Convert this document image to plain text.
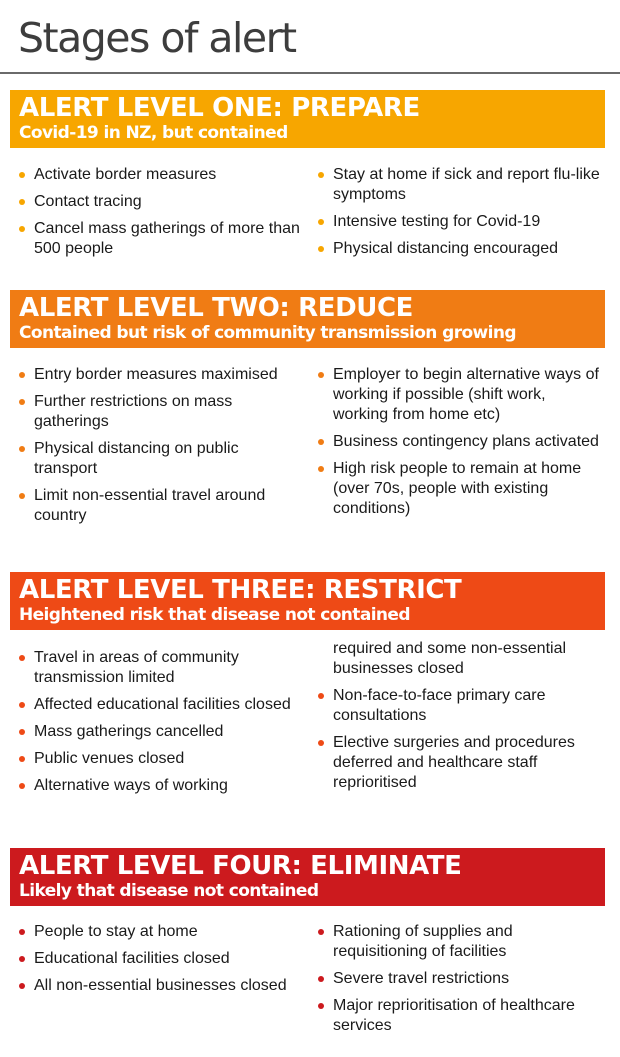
Stages of alert
ALERT LEVEL ONE: PREPARE
Covid-19 in NZ, but contained
Activate border measures
Contact tracing
Cancel mass gatherings of more than 500 people
Stay at home if sick and report flu-like symptoms
Intensive testing for Covid-19
Physical distancing encouraged
ALERT LEVEL TWO: REDUCE
Contained but risk of community transmission growing
Entry border measures maximised
Further restrictions on mass gatherings
Physical distancing on public transport
Limit non-essential travel around country
Employer to begin alternative ways of working if possible (shift work, working from home etc)
Business contingency plans activated
High risk people to remain at home (over 70s, people with existing conditions)
ALERT LEVEL THREE: RESTRICT
Heightened risk that disease not contained
Travel in areas of community transmission limited
Affected educational facilities closed
Mass gatherings cancelled
Public venues closed
Alternative ways of working
required and some non-essential businesses closed
Non-face-to-face primary care consultations
Elective surgeries and procedures deferred and healthcare staff reprioritised
ALERT LEVEL FOUR: ELIMINATE
Likely that disease not contained
People to stay at home
Educational facilities closed
All non-essential businesses closed
Rationing of supplies and requisitioning of facilities
Severe travel restrictions
Major reprioritisation of healthcare services
